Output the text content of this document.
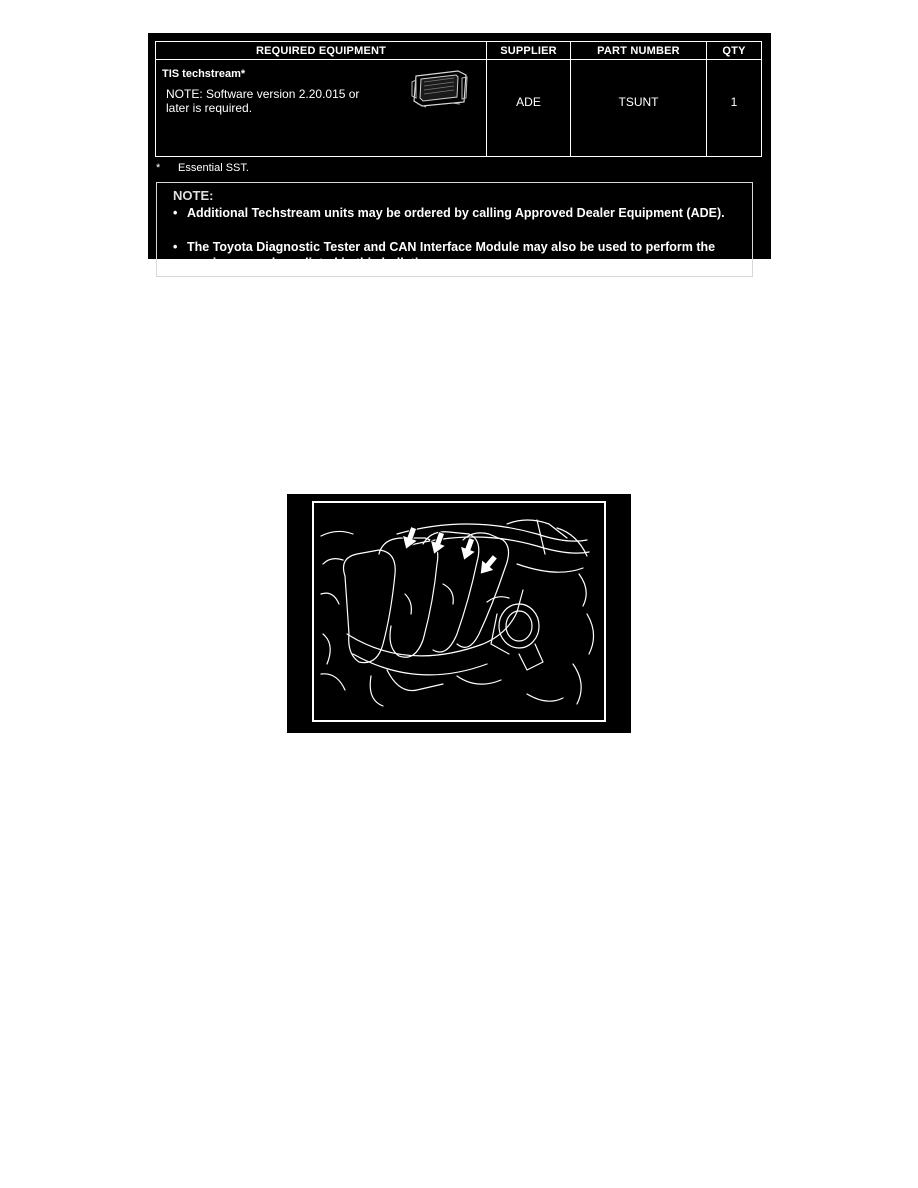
REQUIRED EQUIPMENT	SUPPLIER	PART NUMBER	QTY

TIS techstream*
NOTE: Software version 2.20.015 or later is required.	ADE	TSUNT	1
* Essential SST.
NOTE:
• Additional Techstream units may be ordered by calling Approved Dealer Equipment (ADE).
• The Toyota Diagnostic Tester and CAN Interface Module may also be used to perform the service procedures listed in this bulletin.
